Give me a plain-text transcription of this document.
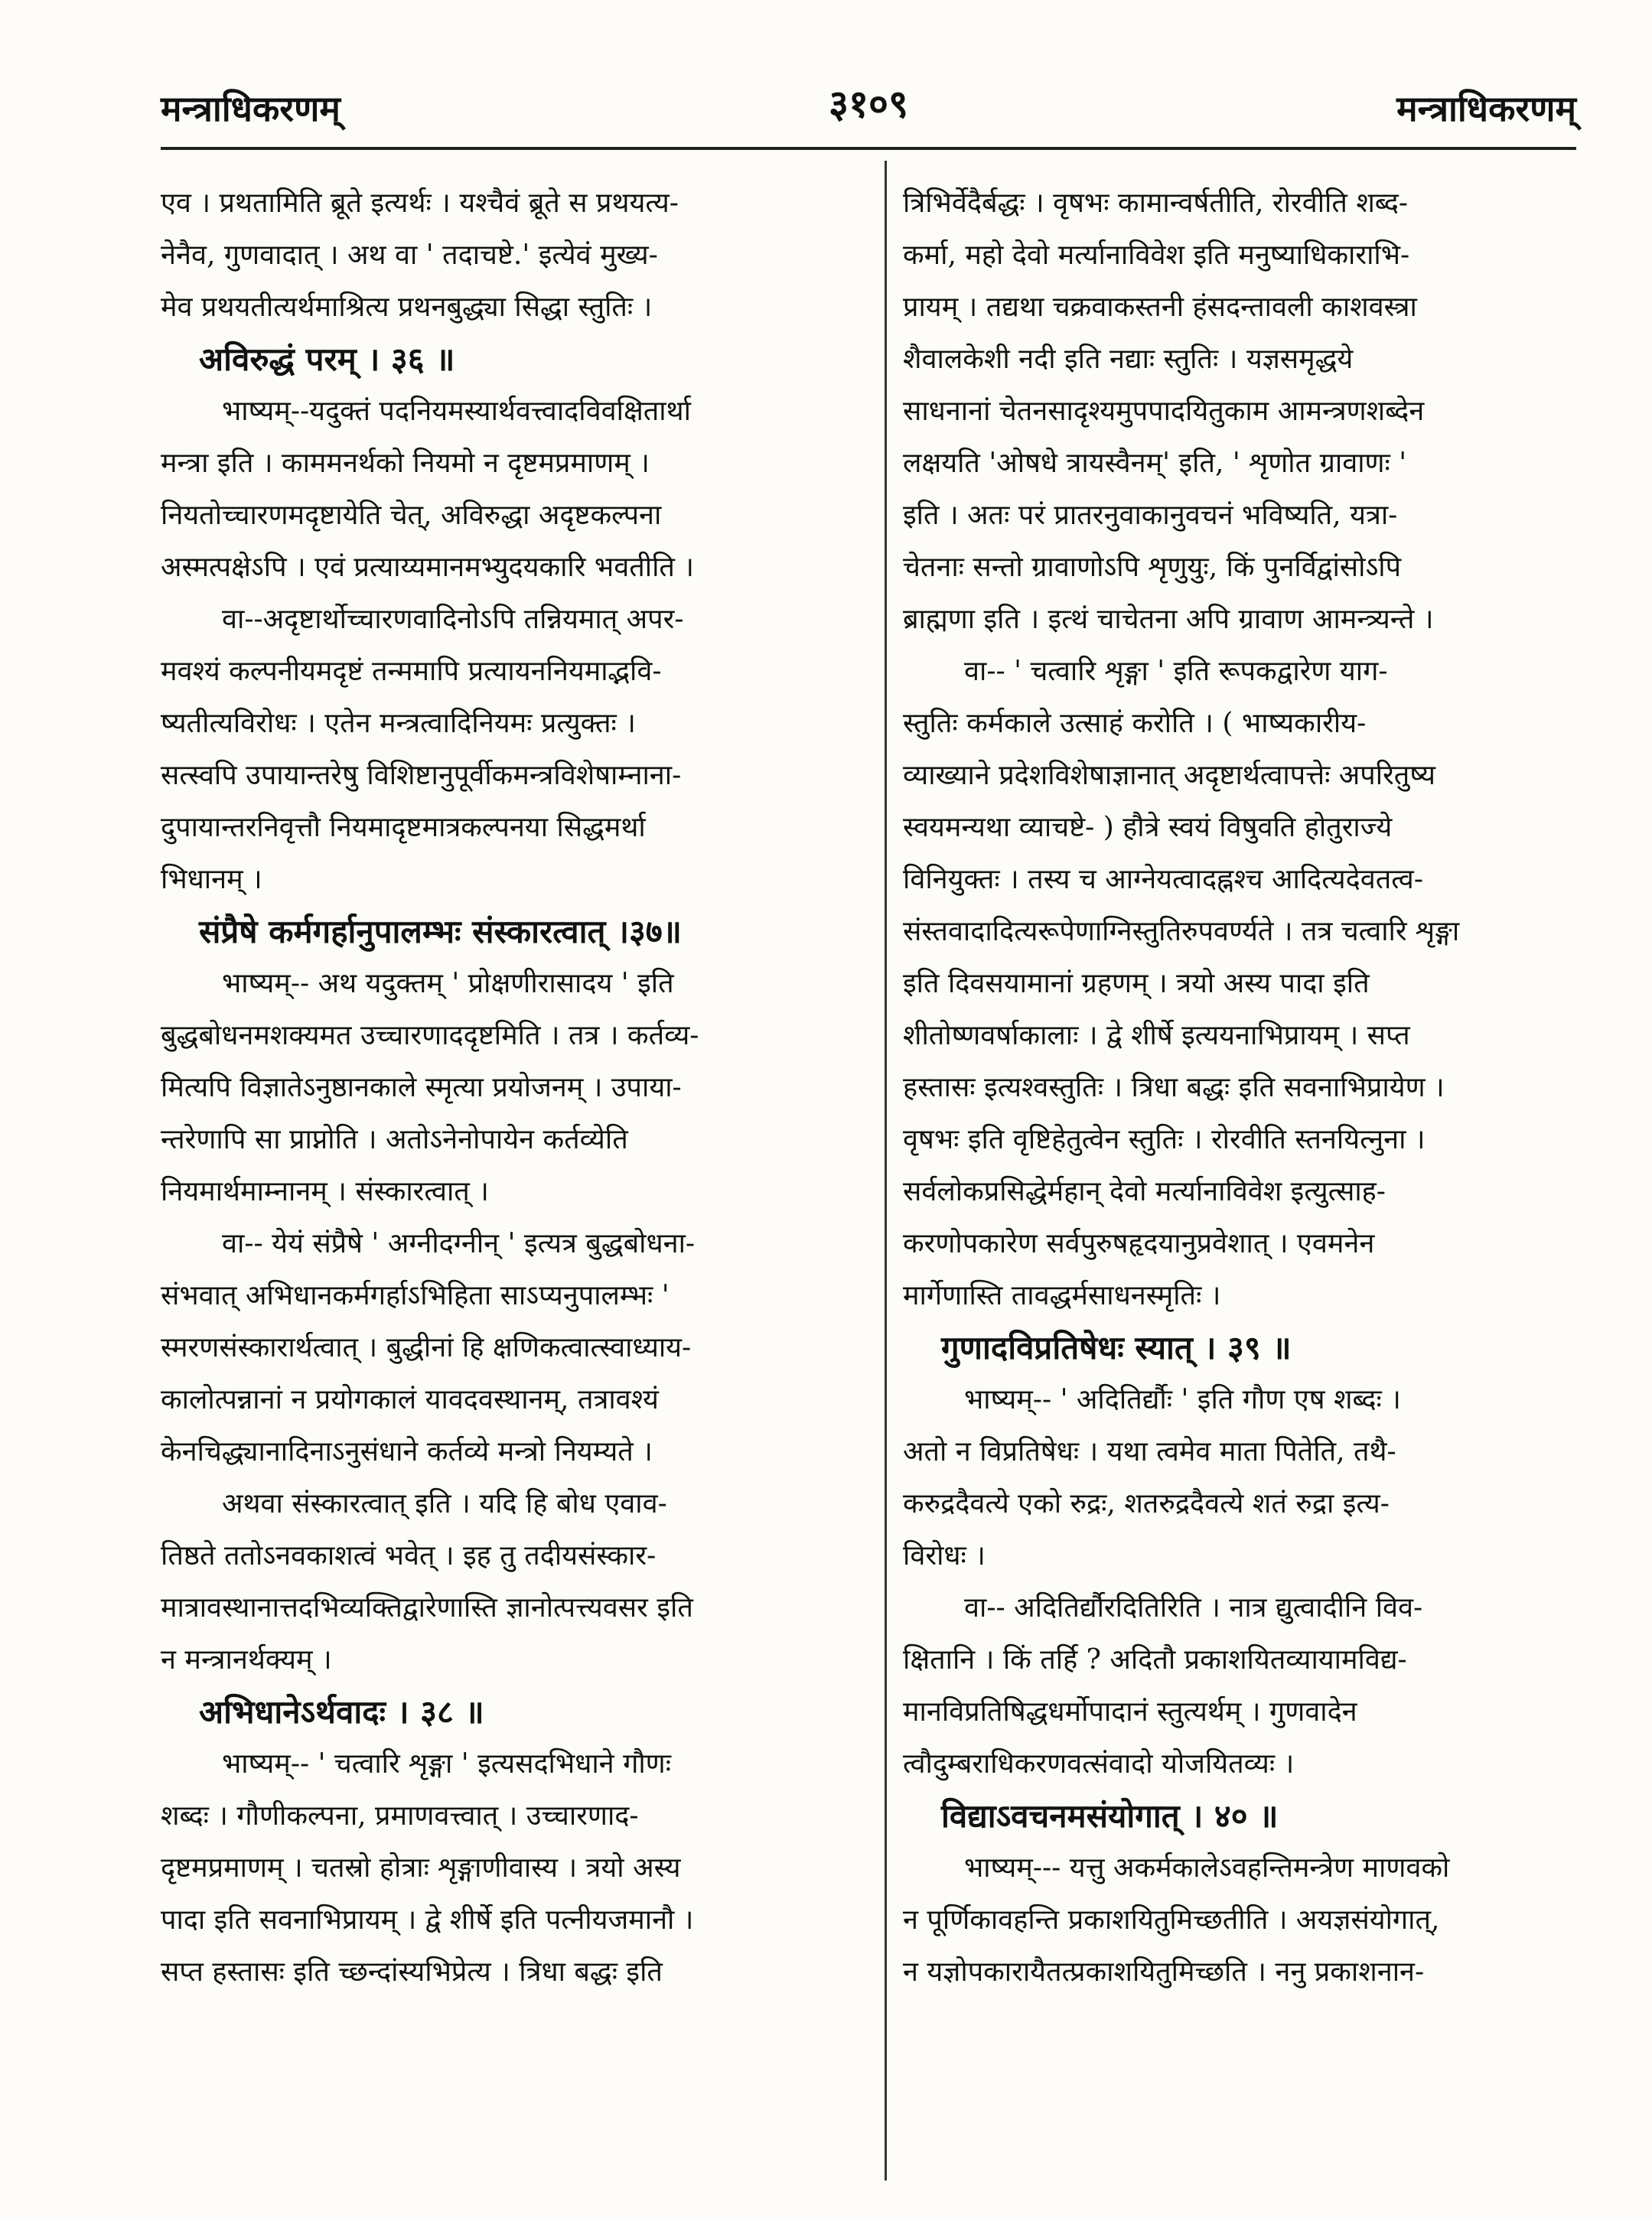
मन्त्राधिकरणम्	३१०९	मन्त्राधिकरणम्
एव । प्रथतामिति ब्रूते इत्यर्थः । यश्चैवं ब्रूते स प्रथयत्य-
नेनैव, गुणवादात् । अथ वा ' तदाचष्टे.' इत्येवं मुख्य-
मेव प्रथयतीत्यर्थमाश्रित्य प्रथनबुद्ध्या सिद्धा स्तुतिः ।
अविरुद्धं परम् । ३६ ॥
भाष्यम्--यदुक्तं पदनियमस्यार्थवत्त्वादविवक्षितार्था
मन्त्रा इति । काममनर्थको नियमो न दृष्टमप्रमाणम् ।
नियतोच्चारणमदृष्टायेति चेत्, अविरुद्धा अदृष्टकल्पना
अस्मत्पक्षेऽपि । एवं प्रत्याय्यमानमभ्युदयकारि भवतीति ।
वा--अदृष्टार्थोच्चारणवादिनोऽपि तन्नियमात् अपर-
मवश्यं कल्पनीयमदृष्टं तन्ममापि प्रत्यायननियमाद्भवि-
ष्यतीत्यविरोधः । एतेन मन्त्रत्वादिनियमः प्रत्युक्तः ।
सत्स्वपि उपायान्तरेषु विशिष्टानुपूर्वीकमन्त्रविशेषाम्नाना-
दुपायान्तरनिवृत्तौ नियमादृष्टमात्रकल्पनया सिद्धमर्था
भिधानम् ।
संप्रैषे कर्मगर्हानुपालम्भः संस्कारत्वात् ।३७॥
भाष्यम्-- अथ यदुक्तम् ' प्रोक्षणीरासादय ' इति
बुद्धबोधनमशक्यमत उच्चारणाददृष्टमिति । तत्र । कर्तव्य-
मित्यपि विज्ञातेऽनुष्ठानकाले स्मृत्या प्रयोजनम् । उपाया-
न्तरेणापि सा प्राप्नोति । अतोऽनेनोपायेन कर्तव्येति
नियमार्थमाम्नानम् । संस्कारत्वात् ।
वा-- येयं संप्रैषे ' अग्नीदग्नीन् ' इत्यत्र बुद्धबोधना-
संभवात् अभिधानकर्मगर्हाऽभिहिता साऽप्यनुपालम्भः '
स्मरणसंस्कारार्थत्वात् । बुद्धीनां हि क्षणिकत्वात्स्वाध्याय-
कालोत्पन्नानां न प्रयोगकालं यावदवस्थानम्, तत्रावश्यं
केनचिद्ध्यानादिनाऽनुसंधाने कर्तव्ये मन्त्रो नियम्यते ।
अथवा संस्कारत्वात् इति । यदि हि बोध एवाव-
तिष्ठते ततोऽनवकाशत्वं भवेत् । इह तु तदीयसंस्कार-
मात्रावस्थानात्तदभिव्यक्तिद्वारेणास्ति ज्ञानोत्पत्त्यवसर इति
न मन्त्रानर्थक्यम् ।
अभिधानेऽर्थवादः । ३८ ॥
भाष्यम्-- ' चत्वारि शृङ्गा ' इत्यसदभिधाने गौणः
शब्दः । गौणीकल्पना, प्रमाणवत्त्वात् । उच्चारणाद-
दृष्टमप्रमाणम् । चतस्रो होत्राः शृङ्गाणीवास्य । त्रयो अस्य
पादा इति सवनाभिप्रायम् । द्वे शीर्षे इति पत्नीयजमानौ ।
सप्त हस्तासः इति च्छन्दांस्यभिप्रेत्य । त्रिधा बद्धः इति
त्रिभिर्वेदैर्बद्धः । वृषभः कामान्वर्षतीति, रोरवीति शब्द-
कर्मा, महो देवो मर्त्यानाविवेश इति मनुष्याधिकाराभि-
प्रायम् । तद्यथा चक्रवाकस्तनी हंसदन्तावली काशवस्त्रा
शैवालकेशी नदी इति नद्याः स्तुतिः । यज्ञसमृद्धये
साधनानां चेतनसादृश्यमुपपादयितुकाम आमन्त्रणशब्देन
लक्षयति 'ओषधे त्रायस्वैनम्' इति, ' शृणोत ग्रावाणः '
इति । अतः परं प्रातरनुवाकानुवचनं भविष्यति, यत्रा-
चेतनाः सन्तो ग्रावाणोऽपि शृणुयुः, किं पुनर्विद्वांसोऽपि
ब्राह्मणा इति । इत्थं चाचेतना अपि ग्रावाण आमन्त्र्यन्ते ।
वा-- ' चत्वारि शृङ्गा ' इति रूपकद्वारेण याग-
स्तुतिः कर्मकाले उत्साहं करोति । ( भाष्यकारीय-
व्याख्याने प्रदेशविशेषाज्ञानात् अदृष्टार्थत्वापत्तेः अपरितुष्य
स्वयमन्यथा व्याचष्टे- ) हौत्रे स्वयं विषुवति होतुराज्ये
विनियुक्तः । तस्य च आग्नेयत्वादह्नश्च आदित्यदेवतत्व-
संस्तवादादित्यरूपेणाग्निस्तुतिरुपवर्ण्यते । तत्र चत्वारि शृङ्गा
इति दिवसयामानां ग्रहणम् । त्रयो अस्य पादा इति
शीतोष्णवर्षाकालाः । द्वे शीर्षे इत्ययनाभिप्रायम् । सप्त
हस्तासः इत्यश्वस्तुतिः । त्रिधा बद्धः इति सवनाभिप्रायेण ।
वृषभः इति वृष्टिहेतुत्वेन स्तुतिः । रोरवीति स्तनयित्नुना ।
सर्वलोकप्रसिद्धेर्महान् देवो मर्त्यानाविवेश इत्युत्साह-
करणोपकारेण सर्वपुरुषहृदयानुप्रवेशात् । एवमनेन
मार्गेणास्ति तावद्धर्मसाधनस्मृतिः ।
गुणादविप्रतिषेधः स्यात् । ३९ ॥
भाष्यम्-- ' अदितिर्द्यौः ' इति गौण एष शब्दः ।
अतो न विप्रतिषेधः । यथा त्वमेव माता पितेति, तथै-
करुद्रदैवत्ये एको रुद्रः, शतरुद्रदैवत्ये शतं रुद्रा इत्य-
विरोधः ।
वा-- अदितिर्द्यौरदितिरिति । नात्र द्युत्वादीनि विव-
क्षितानि । किं तर्हि ? अदितौ प्रकाशयितव्यायामविद्य-
मानविप्रतिषिद्धधर्मोपादानं स्तुत्यर्थम् । गुणवादेन
त्वौदुम्बराधिकरणवत्संवादो योजयितव्यः ।
विद्याऽवचनमसंयोगात् । ४० ॥
भाष्यम्--- यत्तु अकर्मकालेऽवहन्तिमन्त्रेण माणवको
न पूर्णिकावहन्ति प्रकाशयितुमिच्छतीति । अयज्ञसंयोगात्,
न यज्ञोपकारायैतत्प्रकाशयितुमिच्छति । ननु प्रकाशनान-
